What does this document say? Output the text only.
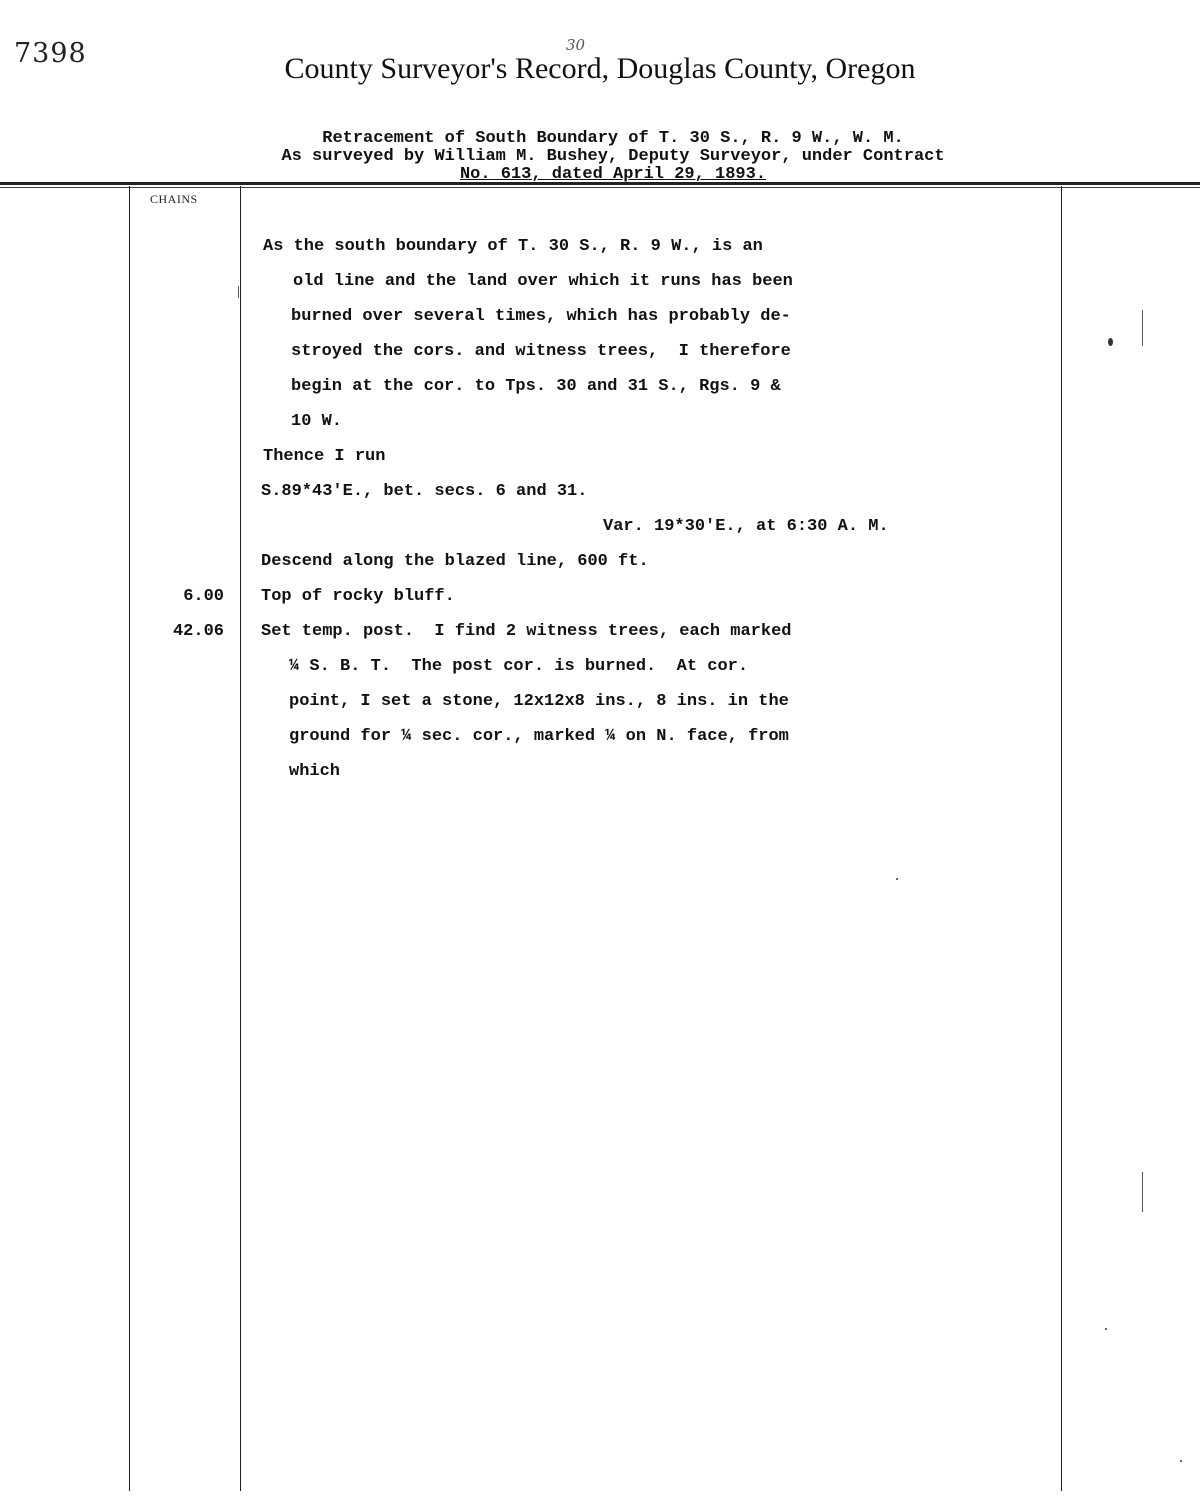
7398	30
County Surveyor's Record, Douglas County, Oregon
Retracement of South Boundary of T. 30 S., R. 9 W., W. M.
As surveyed by William M. Bushey, Deputy Surveyor, under Contract
No. 613, dated April 29, 1893.
CHAINS
As the south boundary of T. 30 S., R. 9 W., is an
old line and the land over which it runs has been
burned over several times, which has probably de-
stroyed the cors. and witness trees,  I therefore
begin at the cor. to Tps. 30 and 31 S., Rgs. 9 &
10 W.
Thence I run
S.89*43'E., bet. secs. 6 and 31.
Var. 19*30'E., at 6:30 A. M.
Descend along the blazed line, 600 ft.
Top of rocky bluff.
Set temp. post.  I find 2 witness trees, each marked
¼ S. B. T.  The post cor. is burned.  At cor.
point, I set a stone, 12x12x8 ins., 8 ins. in the
ground for ¼ sec. cor., marked ¼ on N. face, from
which
6.00
42.06
